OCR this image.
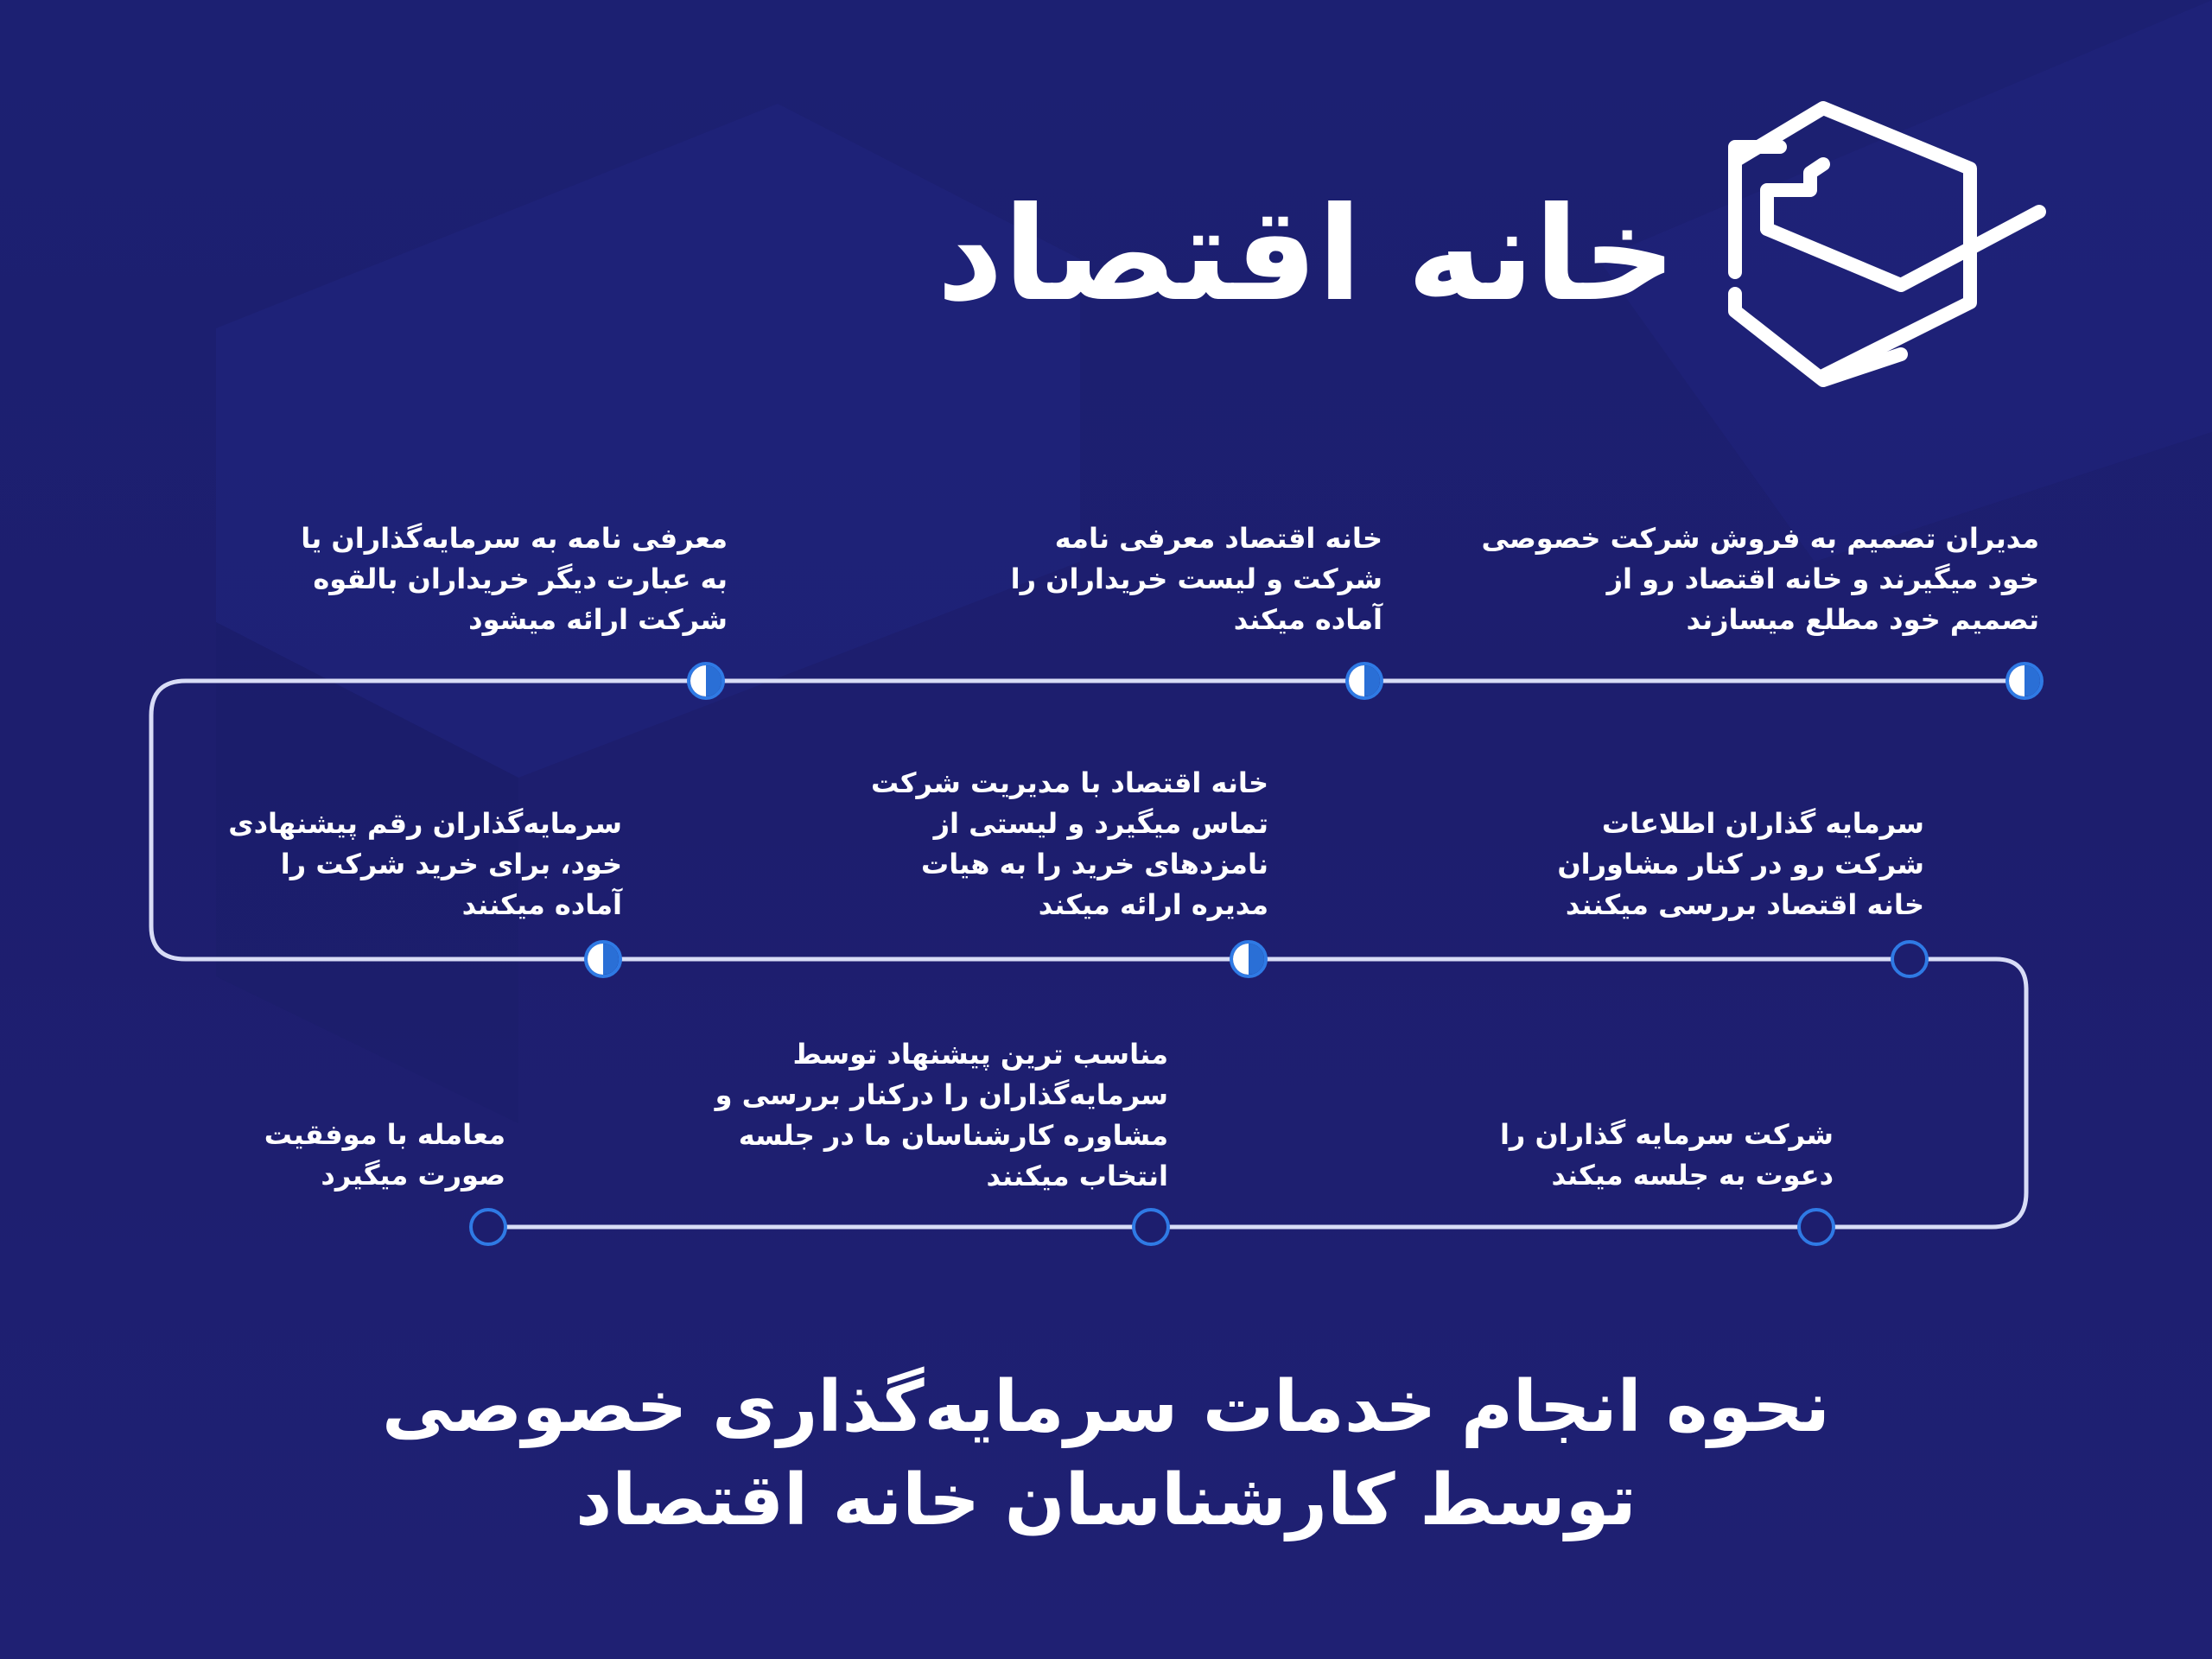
خانه اقتصاد
مدیران تصمیم به فروش شرکت خصوصی
خود میگیرند و خانه اقتصاد رو از
تصمیم خود مطلع میسازند
خانه اقتصاد معرفی نامه
شرکت و لیست خریداران را
آماده میکند
معرفی نامه به سرمایه‌گذاران یا
به عبارت دیگر خریداران بالقوه
شرکت ارائه میشود
سرمایه‌گذاران رقم پیشنهادی
خود، برای خرید شرکت را
آماده میکنند
خانه اقتصاد با مدیریت شرکت
تماس میگیرد و لیستی از
نامزدهای خرید را به هیات
مدیره ارائه میکند
سرمایه گذاران اطلاعات
شرکت رو در کنار مشاوران
خانه اقتصاد بررسی میکنند
شرکت سرمایه گذاران را
دعوت به جلسه میکند
مناسب ترین پیشنهاد توسط
سرمایه‌گذاران را درکنار بررسی و
مشاوره کارشناسان ما در جلسه
انتخاب میکنند
معامله با موفقیت
صورت میگیرد
نحوه انجام خدمات سرمایه‌گذاری خصوصی
توسط کارشناسان خانه اقتصاد
